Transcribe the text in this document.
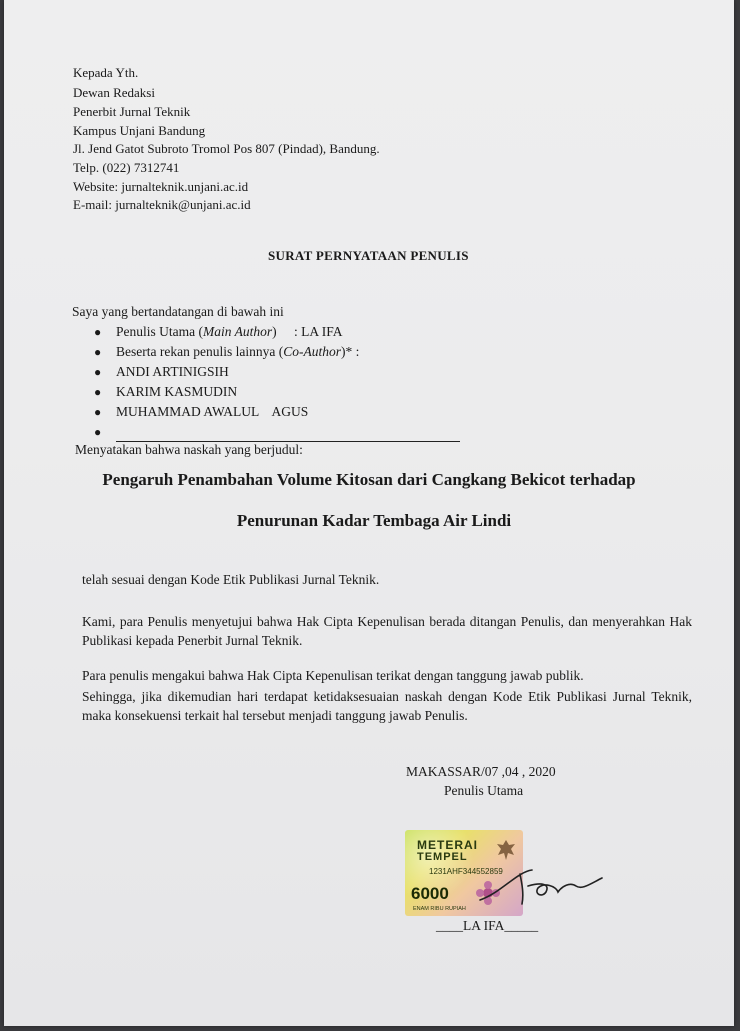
Kepada Yth.
Dewan Redaksi
Penerbit Jurnal Teknik
Kampus Unjani Bandung
Jl. Jend Gatot Subroto Tromol Pos 807 (Pindad), Bandung.
Telp. (022) 7312741
Website: jurnalteknik.unjani.ac.id
E-mail: jurnalteknik@unjani.ac.id
SURAT PERNYATAAN PENULIS
Saya yang bertandatangan di bawah ini
● Penulis Utama (Main Author) : LA IFA
● Beserta rekan penulis lainnya (Co-Author)* :
● ANDI ARTINIGSIH
● KARIM KASMUDIN
● MUHAMMAD AWALUL    AGUS
●
Menyatakan bahwa naskah yang berjudul:
Pengaruh Penambahan Volume Kitosan dari Cangkang Bekicot terhadap
Penurunan Kadar Tembaga Air Lindi
telah sesuai dengan Kode Etik Publikasi Jurnal Teknik.
Kami, para Penulis menyetujui bahwa Hak Cipta Kepenulisan berada ditangan Penulis, dan menyerahkan Hak Publikasi kepada Penerbit Jurnal Teknik.
Para penulis mengakui bahwa Hak Cipta Kepenulisan terikat dengan tanggung jawab publik.
Sehingga, jika dikemudian hari terdapat ketidaksesuaian naskah dengan Kode Etik Publikasi Jurnal Teknik, maka konsekuensi terkait hal tersebut menjadi tanggung jawab Penulis.
MAKASSAR/07 ,04 , 2020
Penulis Utama
METERAI
TEMPEL
1231AHF344552859
6000
ENAM RIBU RUPIAH
____LA IFA_____
